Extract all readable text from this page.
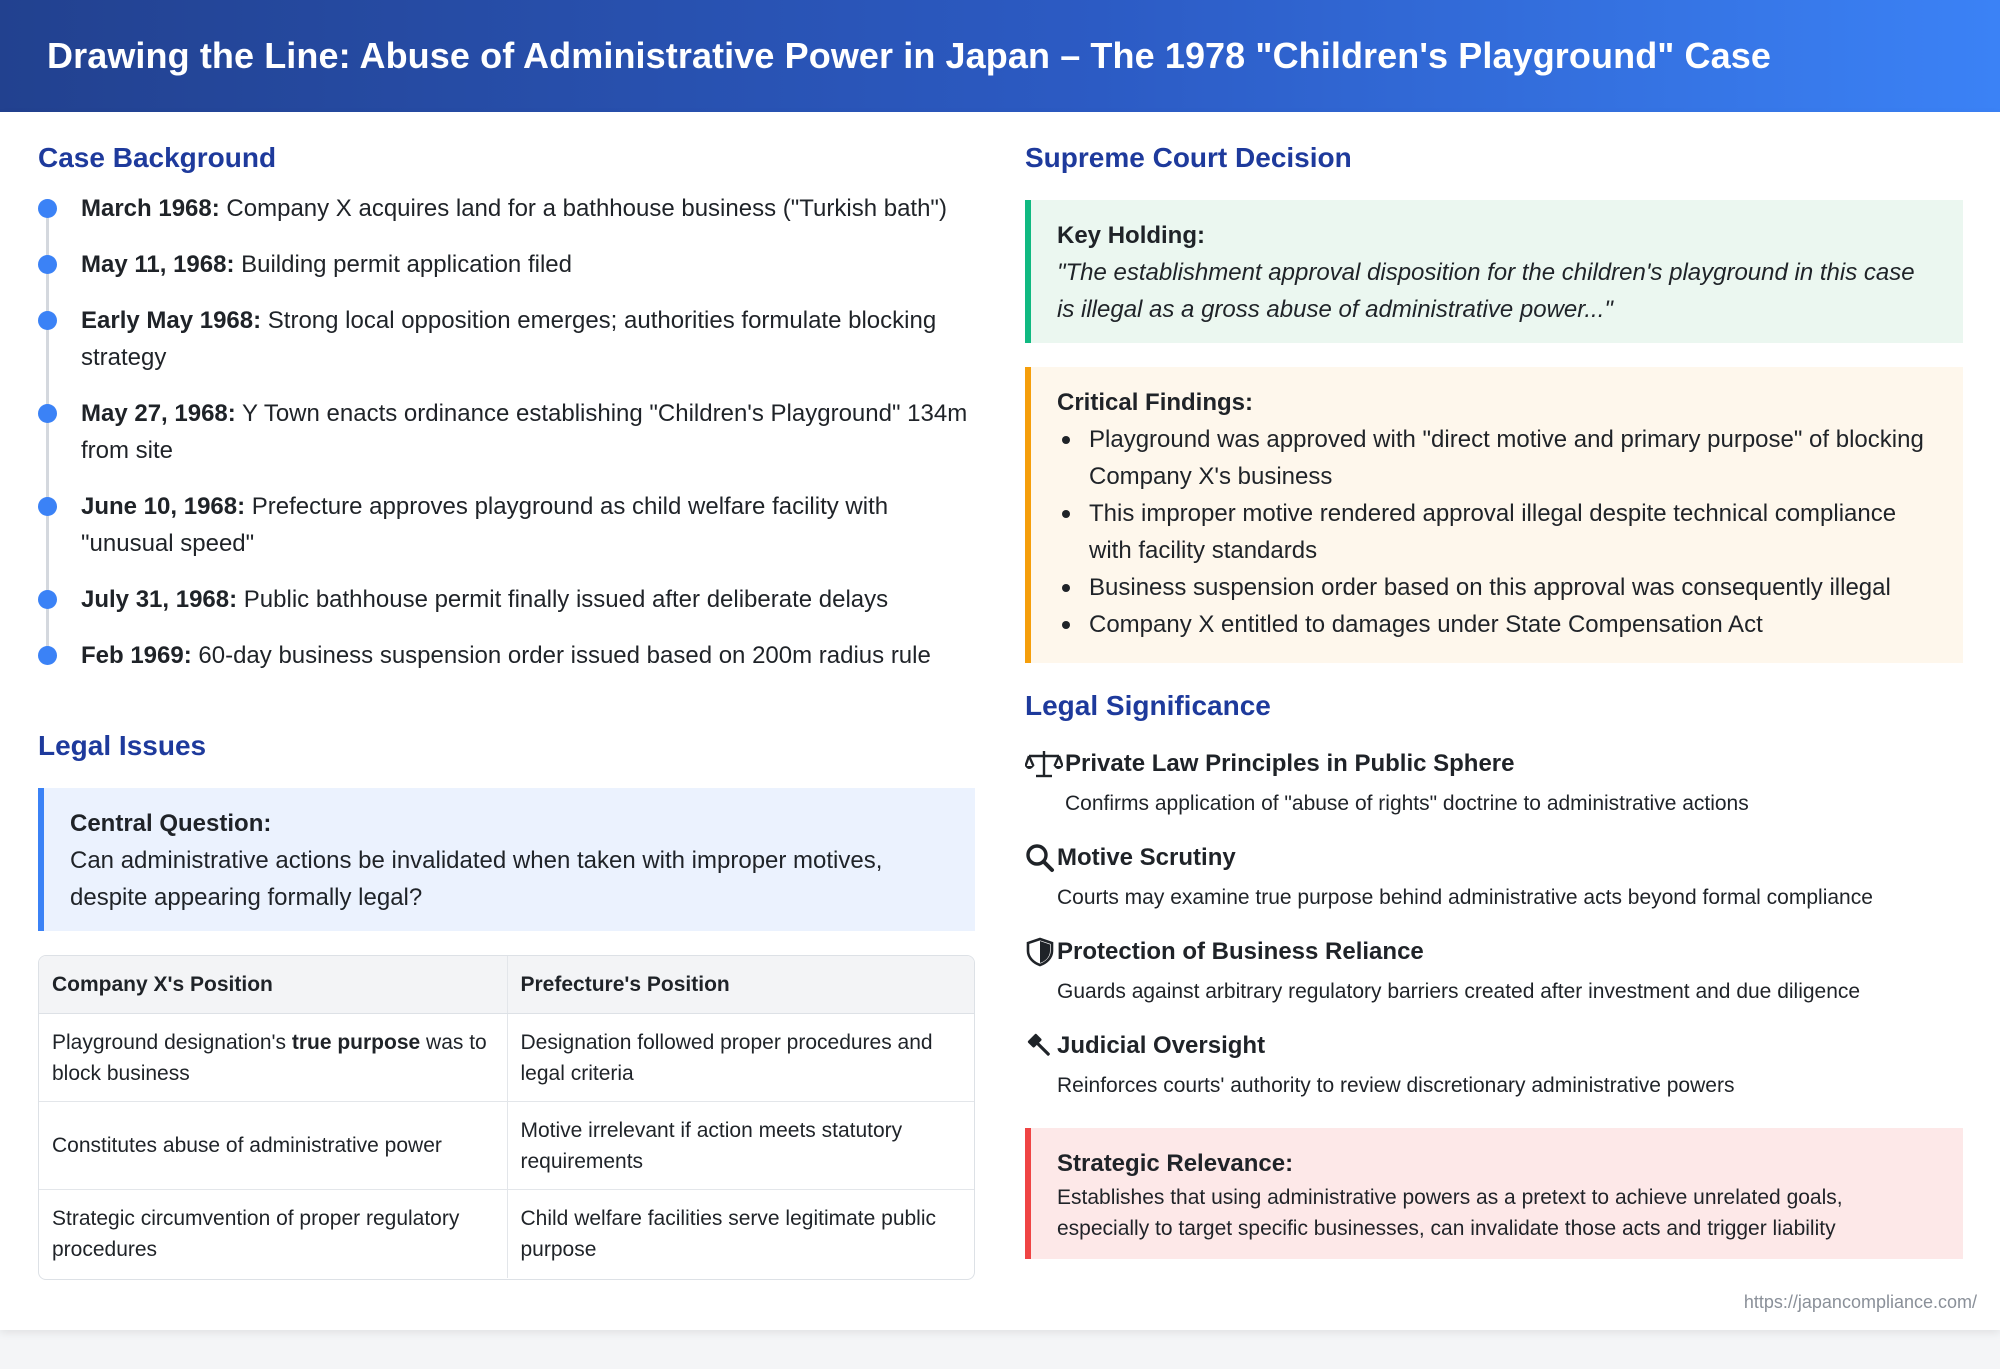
Drawing the Line: Abuse of Administrative Power in Japan – The 1978 "Children's Playground" Case
Case Background
March 1968: Company X acquires land for a bathhouse business ("Turkish bath")
May 11, 1968: Building permit application filed
Early May 1968: Strong local opposition emerges; authorities formulate blocking strategy
May 27, 1968: Y Town enacts ordinance establishing "Children's Playground" 134m from site
June 10, 1968: Prefecture approves playground as child welfare facility with "unusual speed"
July 31, 1968: Public bathhouse permit finally issued after deliberate delays
Feb 1969: 60-day business suspension order issued based on 200m radius rule
Legal Issues
Central Question:
Can administrative actions be invalidated when taken with improper motives, despite appearing formally legal?
Company X's Position	Prefecture's Position
Playground designation's true purpose was to block business
Designation followed proper procedures and legal criteria
Constitutes abuse of administrative power
Motive irrelevant if action meets statutory requirements
Strategic circumvention of proper regulatory procedures
Child welfare facilities serve legitimate public purpose
Supreme Court Decision
Key Holding:
"The establishment approval disposition for the children's playground in this case is illegal as a gross abuse of administrative power..."
Critical Findings:
Playground was approved with "direct motive and primary purpose" of blocking Company X's business
This improper motive rendered approval illegal despite technical compliance with facility standards
Business suspension order based on this approval was consequently illegal
Company X entitled to damages under State Compensation Act
Legal Significance
Private Law Principles in Public Sphere
Confirms application of "abuse of rights" doctrine to administrative actions
Motive Scrutiny
Courts may examine true purpose behind administrative acts beyond formal compliance
Protection of Business Reliance
Guards against arbitrary regulatory barriers created after investment and due diligence
Judicial Oversight
Reinforces courts' authority to review discretionary administrative powers
Strategic Relevance:
Establishes that using administrative powers as a pretext to achieve unrelated goals, especially to target specific businesses, can invalidate those acts and trigger liability
https://japancompliance.com/
